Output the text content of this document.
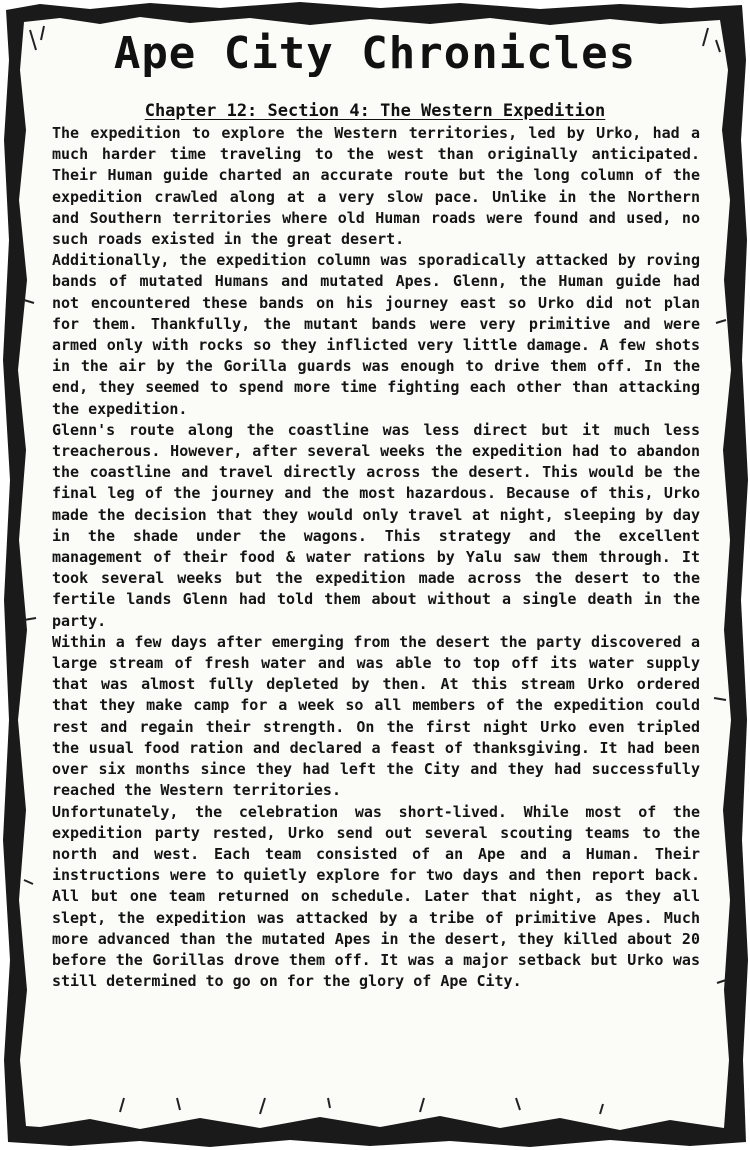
Ape City Chronicles
Chapter 12: Section 4: The Western Expedition

The expedition to explore the Western territories, led by Urko, had a much harder time traveling to the west than originally anticipated. Their Human guide charted an accurate route but the long column of the expedition crawled along at a very slow pace. Unlike in the Northern and Southern territories where old Human roads were found and used, no such roads existed in the great desert.

Additionally, the expedition column was sporadically attacked by roving bands of mutated Humans and mutated Apes. Glenn, the Human guide had not encountered these bands on his journey east so Urko did not plan for them. Thankfully, the mutant bands were very primitive and were armed only with rocks so they inflicted very little damage. A few shots in the air by the Gorilla guards was enough to drive them off. In the end, they seemed to spend more time fighting each other than attacking the expedition.

Glenn's route along the coastline was less direct but it much less treacherous. However, after several weeks the expedition had to abandon the coastline and travel directly across the desert. This would be the final leg of the journey and the most hazardous. Because of this, Urko made the decision that they would only travel at night, sleeping by day in the shade under the wagons. This strategy and the excellent management of their food & water rations by Yalu saw them through. It took several weeks but the expedition made across the desert to the fertile lands Glenn had told them about without a single death in the party.

Within a few days after emerging from the desert the party discovered a large stream of fresh water and was able to top off its water supply that was almost fully depleted by then. At this stream Urko ordered that they make camp for a week so all members of the expedition could rest and regain their strength. On the first night Urko even tripled the usual food ration and declared a feast of thanksgiving. It had been over six months since they had left the City and they had successfully reached the Western territories.

Unfortunately, the celebration was short-lived. While most of the expedition party rested, Urko send out several scouting teams to the north and west. Each team consisted of an Ape and a Human. Their instructions were to quietly explore for two days and then report back. All but one team returned on schedule. Later that night, as they all slept, the expedition was attacked by a tribe of primitive Apes. Much more advanced than the mutated Apes in the desert, they killed about 20 before the Gorillas drove them off. It was a major setback but Urko was still determined to go on for the glory of Ape City.
